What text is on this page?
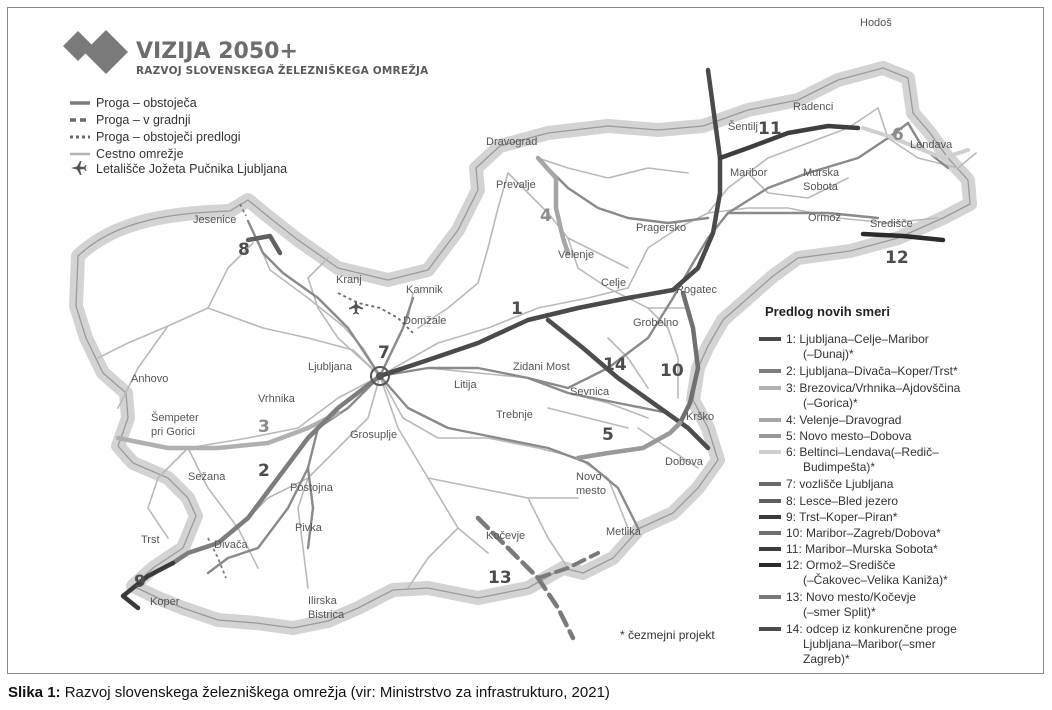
VIZIJA 2050+
RAZVOJ SLOVENSKEGA ŽELEZNIŠKEGA OMREŽJA
Proga – obstoječa
Proga – v gradnji
Proga – obstoječi predlogi
Cestno omrežje
Letališče Jožeta Pučnika Ljubljana
Hodoš
Radenci
Šentilj
Lendava
Dravograd
Prevalje
Maribor	Murska
Sobota
Pragersko
Ormož	Središče
Jesenice
Velenje
Celje
Kranj
Kamnik	Rogatec
Domžale	Grobelno
Ljubljana
Anhovo
Vrhnika
Zidani Most
Litija
Sevnica
Šempeter
pri Gorici
Trebnje
Grosuplje
Krško
Dobova
Sežana
Postojna
Novo
mesto
Pivka
Trst	Divača
Metlika
Kočevje
Koper	Ilirska
Bistrica
1
2
3
4
5
6
7
8
9
10
11
12
13
14
Predlog novih smeri
1: Ljubljana–Celje–Maribor
(–Dunaj)*
2: Ljubljana–Divača–Koper/Trst*
3: Brezovica/Vrhnika–Ajdovščina
(–Gorica)*
4: Velenje–Dravograd
5: Novo mesto–Dobova
6: Beltinci–Lendava(–Redič–
Budimpešta)*
7: vozlišče Ljubljana
8: Lesce–Bled jezero
9: Trst–Koper–Piran*
10: Maribor–Zagreb/Dobova*
11: Maribor–Murska Sobota*
12: Ormož–Središče
(–Čakovec–Velika Kaniža)*
13: Novo mesto/Kočevje
(–smer Split)*
14: odcep iz konkurenčne proge
Ljubljana–Maribor(–smer
Zagreb)*
* čezmejni projekt
Slika 1: Razvoj slovenskega železniškega omrežja (vir: Ministrstvo za infrastrukturo, 2021)
